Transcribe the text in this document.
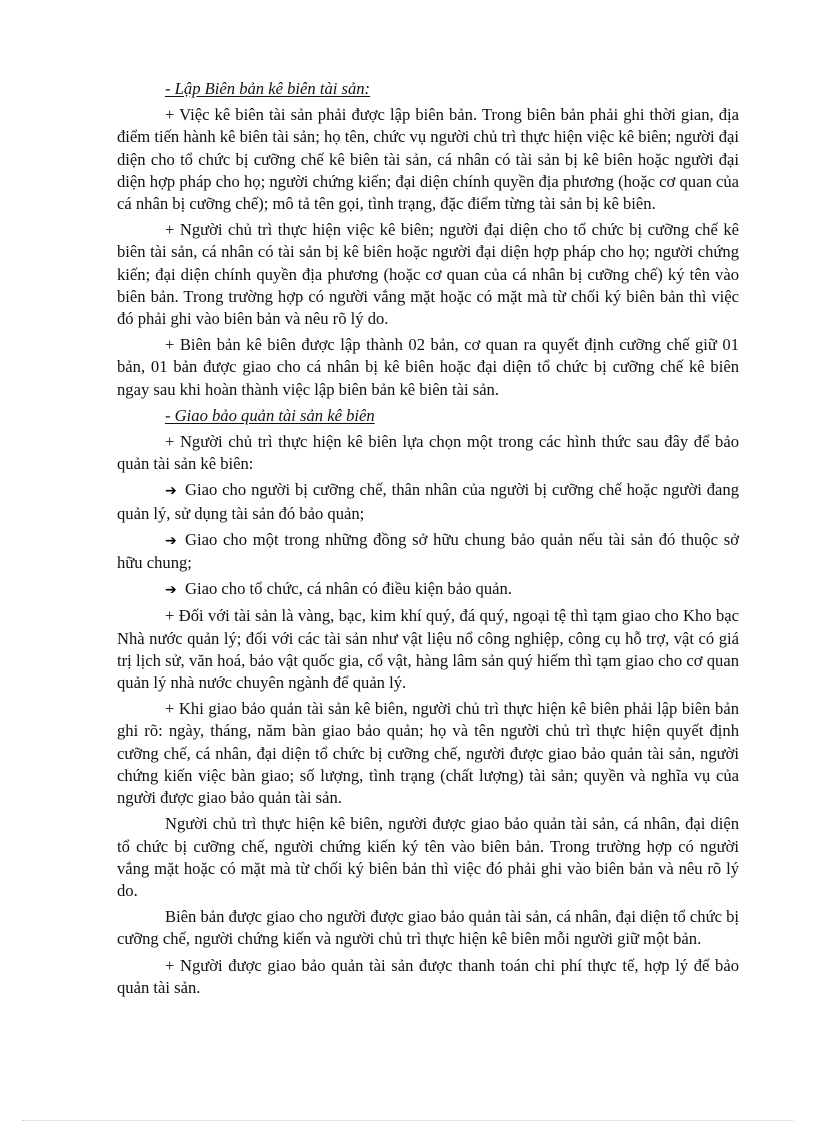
- Lập Biên bản kê biên tài sản:

+ Việc kê biên tài sản phải được lập biên bản. Trong biên bản phải ghi thời gian, địa điểm tiến hành kê biên tài sản; họ tên, chức vụ người chủ trì thực hiện việc kê biên; người đại diện cho tổ chức bị cưỡng chế kê biên tài sản, cá nhân có tài sản bị kê biên hoặc người đại diện hợp pháp cho họ; người chứng kiến; đại diện chính quyền địa phương (hoặc cơ quan của cá nhân bị cưỡng chế); mô tả tên gọi, tình trạng, đặc điểm từng tài sản bị kê biên.

+ Người chủ trì thực hiện việc kê biên; người đại diện cho tổ chức bị cưỡng chế kê biên tài sản, cá nhân có tài sản bị kê biên hoặc người đại diện hợp pháp cho họ; người chứng kiến; đại diện chính quyền địa phương (hoặc cơ quan của cá nhân bị cưỡng chế) ký tên vào biên bản. Trong trường hợp có người vắng mặt hoặc có mặt mà từ chối ký biên bản thì việc đó phải ghi vào biên bản và nêu rõ lý do.

+ Biên bản kê biên được lập thành 02 bản, cơ quan ra quyết định cưỡng chế giữ 01 bản, 01 bản được giao cho cá nhân bị kê biên hoặc đại diện tổ chức bị cưỡng chế kê biên ngay sau khi hoàn thành việc lập biên bản kê biên tài sản.

- Giao bảo quản tài sản kê biên

+ Người chủ trì thực hiện kê biên lựa chọn một trong các hình thức sau đây để bảo quản tài sản kê biên:

➔ Giao cho người bị cưỡng chế, thân nhân của người bị cưỡng chế hoặc người đang quản lý, sử dụng tài sản đó bảo quản;

➔ Giao cho một trong những đồng sở hữu chung bảo quản nếu tài sản đó thuộc sở hữu chung;

➔ Giao cho tổ chức, cá nhân có điều kiện bảo quản.

+ Đối với tài sản là vàng, bạc, kim khí quý, đá quý, ngoại tệ thì tạm giao cho Kho bạc Nhà nước quản lý; đối với các tài sản như vật liệu nổ công nghiệp, công cụ hỗ trợ, vật có giá trị lịch sử, văn hoá, bảo vật quốc gia, cổ vật, hàng lâm sản quý hiếm thì tạm giao cho cơ quan quản lý nhà nước chuyên ngành để quản lý.

+ Khi giao bảo quản tài sản kê biên, người chủ trì thực hiện kê biên phải lập biên bản ghi rõ: ngày, tháng, năm bàn giao bảo quản; họ và tên người chủ trì thực hiện quyết định cưỡng chế, cá nhân, đại diện tổ chức bị cưỡng chế, người được giao bảo quản tài sản, người chứng kiến việc bàn giao; số lượng, tình trạng (chất lượng) tài sản; quyền và nghĩa vụ của người được giao bảo quản tài sản.

Người chủ trì thực hiện kê biên, người được giao bảo quản tài sản, cá nhân, đại diện tổ chức bị cưỡng chế, người chứng kiến ký tên vào biên bản. Trong trường hợp có người vắng mặt hoặc có mặt mà từ chối ký biên bản thì việc đó phải ghi vào biên bản và nêu rõ lý do.

Biên bản được giao cho người được giao bảo quản tài sản, cá nhân, đại diện tổ chức bị cưỡng chế, người chứng kiến và người chủ trì thực hiện kê biên mỗi người giữ một bản.

+ Người được giao bảo quản tài sản được thanh toán chi phí thực tế, hợp lý để bảo quản tài sản.
